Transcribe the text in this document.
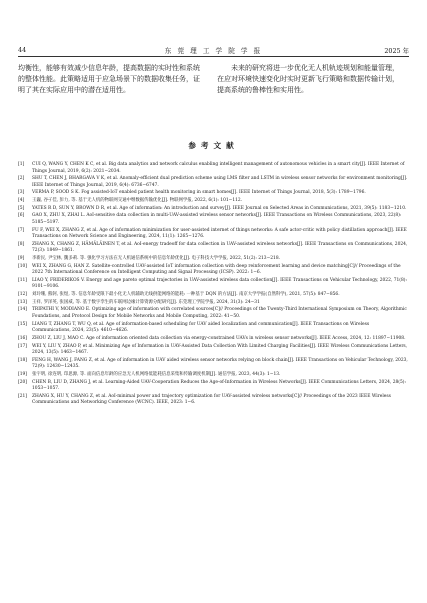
44	东 莞 理 工 学 院 学 报	2025 年
均衡性，能够有效减少信息年龄，提高数据的实时性和系统的整体性能。此策略适用于应急场景下的数据收集任务，证明了其在实际应用中的潜在适用性。
未来的研究将进一步优化无人机轨迹规划和能量管理，在应对环境快速变化时实时更新飞行策略和数据传输计划，提高系统的鲁棒性和实用性。
参考文献
[1] CUI Q, WANG Y, CHEN K C, et al. Big data analytics and network calculus enabling intelligent management of autonomous vehicles in a smart city[J]. IEEE Internet of Things Journal, 2019, 6(2): 2021−2034.
[2] SHU T, CHEN J, BHARGAVA V K, et al. Anomaly-efficient dual prediction scheme using LMS filter and LSTM in wireless sensor networks for environment monitoring[J]. IEEE Internet of Things Journal, 2019, 6(4): 6736−6747.
[3] VERMA P, SOOD S K. Fog assisted-IoT enabled patient health monitoring in smart homes[J]. IEEE Internet of Things Journal, 2018, 5(3): 1789−1796.
[4] 王巍, 谷孑佳, 彭力, 等. 基于无人机的物联网交通中继数据传输优化[J]. 物联网学报, 2022, 6(1): 101−112.
[5] YATES R D, SUN Y, BROWN D R, et al. Age of information: An introduction and survey[J]. IEEE Journal on Selected Areas in Communications, 2021, 39(5): 1183−1210.
[6] GAO X, ZHU X, ZHAI L. AoI-sensitive data collection in multi-UAV-assisted wireless sensor networks[J]. IEEE Transactions on Wireless Communications, 2023, 22(8): 5185−5197.
[7] FU F, WEI X, ZHANG Z, et al. Age of information minimization for user-assisted internet of things networks: A safe actor-critic with policy distillation approach[J]. IEEE Transactions on Network Science and Engineering, 2024, 11(1): 1265−1276.
[8] ZHANG X, CHANG Z, HÄMÄLÄINEN T, et al. AoI-energy tradeoff for data collection in UAV-assisted wireless networks[J]. IEEE Transactions on Communications, 2024, 72(3): 1849−1861.
[9] 李新民, 尹宝林, 魏多莉. 等. 强化学习方法在无人机通信系统中的信息年龄优化[J]. 电子科技大学学报, 2022, 51(2): 213−218.
[10] WEI X, ZHANG G, HAN Z. Satellite-controlled UAV-assisted IoT information collection with deep reinforcement learning and device matching[C]// Proceedings of the 2022 7th International Conference on Intelligent Computing and Signal Processing (ICSP). 2022: 1−6.
[11] LIAO Y, FRIDERIKOS V. Energy and age pareto optimal trajectories in UAV-assisted wireless data collection[J]. IEEE Transactions on Vehicular Technology, 2022, 71(8): 9101−9106.
[12] 刘玲珊, 熊轲, 张煜, 等. 信息年龄受限下最小化无人机辅助无线供能网络的能耗: 一种基于 DQN 的方法[J]. 南京大学学报(自然科学), 2021, 57(5): 847−856.
[13] 王祥, 罗泽英, 张国威, 等. 基于数字孪生的车联网边缘计算资源分配研究[J]. 东莞理工学院学报, 2024, 31(3): 24−31
[14] TRIPATHI V, MODIANO E. Optimizing age of information with correlated sources[C]// Proceedings of the Twenty-Third International Symposium on Theory, Algorithmic Foundations, and Protocol Design for Mobile Networks and Mobile Computing, 2022: 41−50.
[15] LIANG T, ZHANG T, WU Q, et al. Age of information-based scheduling for UAV aided localization and communication[J]. IEEE Transactions on Wireless Communications, 2024, 23(5): 4610−4626.
[16] ZHOU Z, LIU J, MAO C. Age of information oriented data collection via energy-constrained UAVs in wireless sensor networks[J]. IEEE Access, 2024, 12: 11897−11908.
[17] WEI Y, LIU Y, ZHAO P, et al. Minimizing Age of Information in UAV-Assisted Data Collection With Limited Charging Facilities[J]. IEEE Wireless Communications Letters, 2024, 13(5): 1463−1467.
[18] FENG H, WANG J, FANG Z, et al. Age of information in UAV aided wireless sensor networks relying on block chain[J]. IEEE Transactions on Vehicular Technology, 2023, 72(9): 12430−12435.
[19] 张宇明, 徐连明, 印思源, 等. 面向信息年龄的应急无人机网络低能耗信息采集和传输调度机制[J]. 通信学报, 2023, 44(3): 1−13.
[20] CHEN B, LIU D, ZHANG J, et al. Learning-Aided UAV-Cooperation Reduces the Age-of-Information in Wireless Networks[J]. IEEE Communications Letters, 2024, 28(5): 1053−1057.
[21] ZHANG X, HU Y, CHANG Z, et al. AoI-minimal power and trajectory optimization for UAV-assisted wireless networks[C]// Proceedings of the 2023 IEEE Wireless Communications and Networking Conference (WCNC). IEEE, 2023: 1−6.
